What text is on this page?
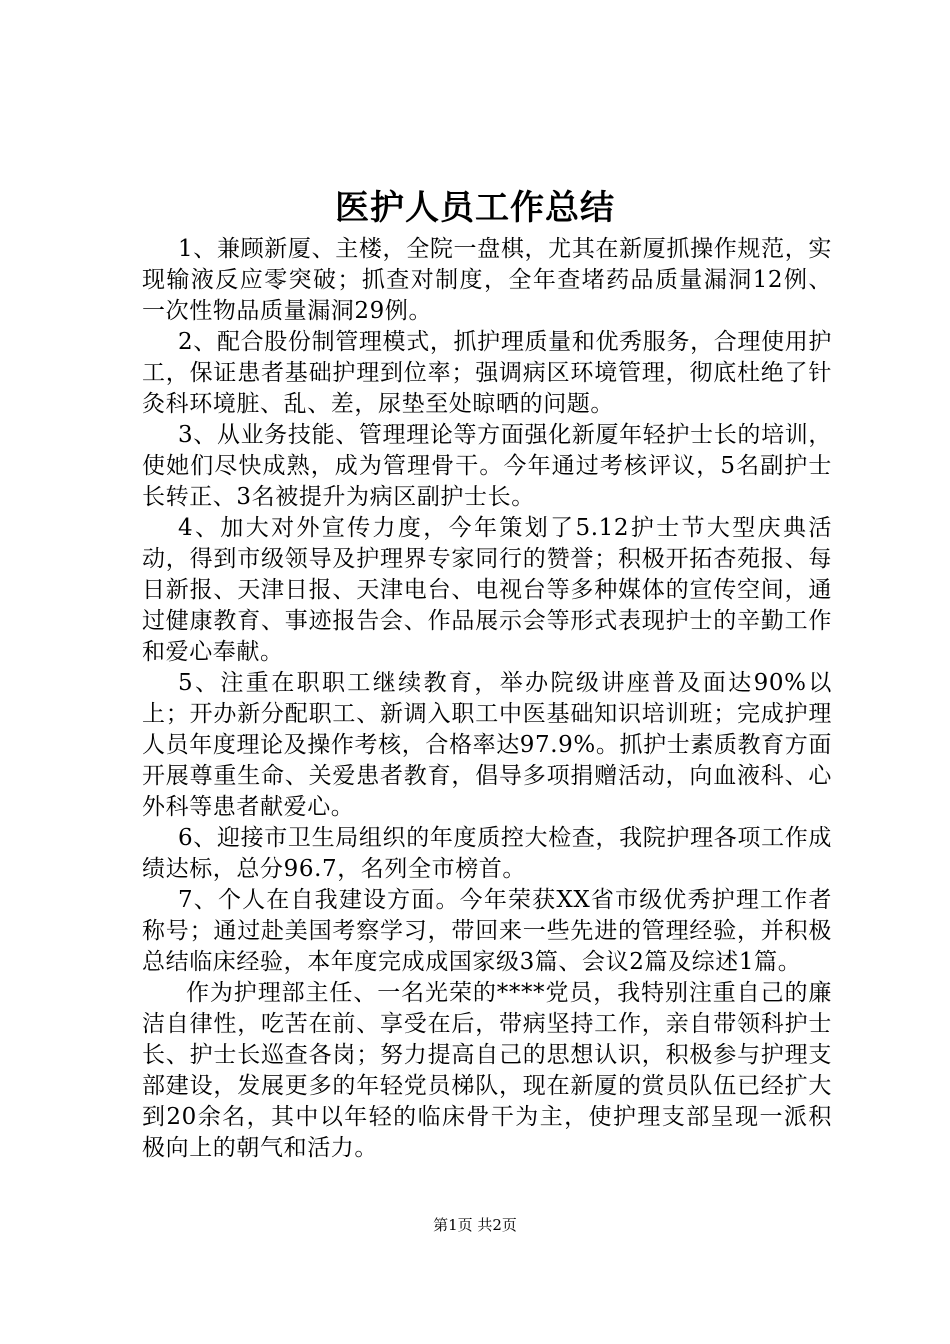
医护人员工作总结

1、兼顾新厦、主楼，全院一盘棋，尤其在新厦抓操作规范，实现输液反应零突破；抓查对制度，全年查堵药品质量漏洞12例、一次性物品质量漏洞29例。

2、配合股份制管理模式，抓护理质量和优秀服务，合理使用护工，保证患者基础护理到位率；强调病区环境管理，彻底杜绝了针灸科环境脏、乱、差，尿垫至处晾晒的问题。

3、从业务技能、管理理论等方面强化新厦年轻护士长的培训，使她们尽快成熟，成为管理骨干。今年通过考核评议，5名副护士长转正、3名被提升为病区副护士长。

4、加大对外宣传力度，今年策划了5.12护士节大型庆典活动，得到市级领导及护理界专家同行的赞誉；积极开拓杏苑报、每日新报、天津日报、天津电台、电视台等多种媒体的宣传空间，通过健康教育、事迹报告会、作品展示会等形式表现护士的辛勤工作和爱心奉献。

5、注重在职职工继续教育，举办院级讲座普及面达90%以上；开办新分配职工、新调入职工中医基础知识培训班；完成护理人员年度理论及操作考核，合格率达97.9%。抓护士素质教育方面开展尊重生命、关爱患者教育，倡导多项捐赠活动，向血液科、心外科等患者献爱心。

6、迎接市卫生局组织的年度质控大检查，我院护理各项工作成绩达标，总分96.7，名列全市榜首。

7、个人在自我建设方面。今年荣获XX省市级优秀护理工作者称号；通过赴美国考察学习，带回来一些先进的管理经验，并积极总结临床经验，本年度完成成国家级3篇、会议2篇及综述1篇。

作为护理部主任、一名光荣的****党员，我特别注重自己的廉洁自律性，吃苦在前、享受在后，带病坚持工作，亲自带领科护士长、护士长巡查各岗；努力提高自己的思想认识，积极参与护理支部建设，发展更多的年轻党员梯队，现在新厦的赏员队伍已经扩大到20余名，其中以年轻的临床骨干为主，使护理支部呈现一派积极向上的朝气和活力。

第1页 共2页
